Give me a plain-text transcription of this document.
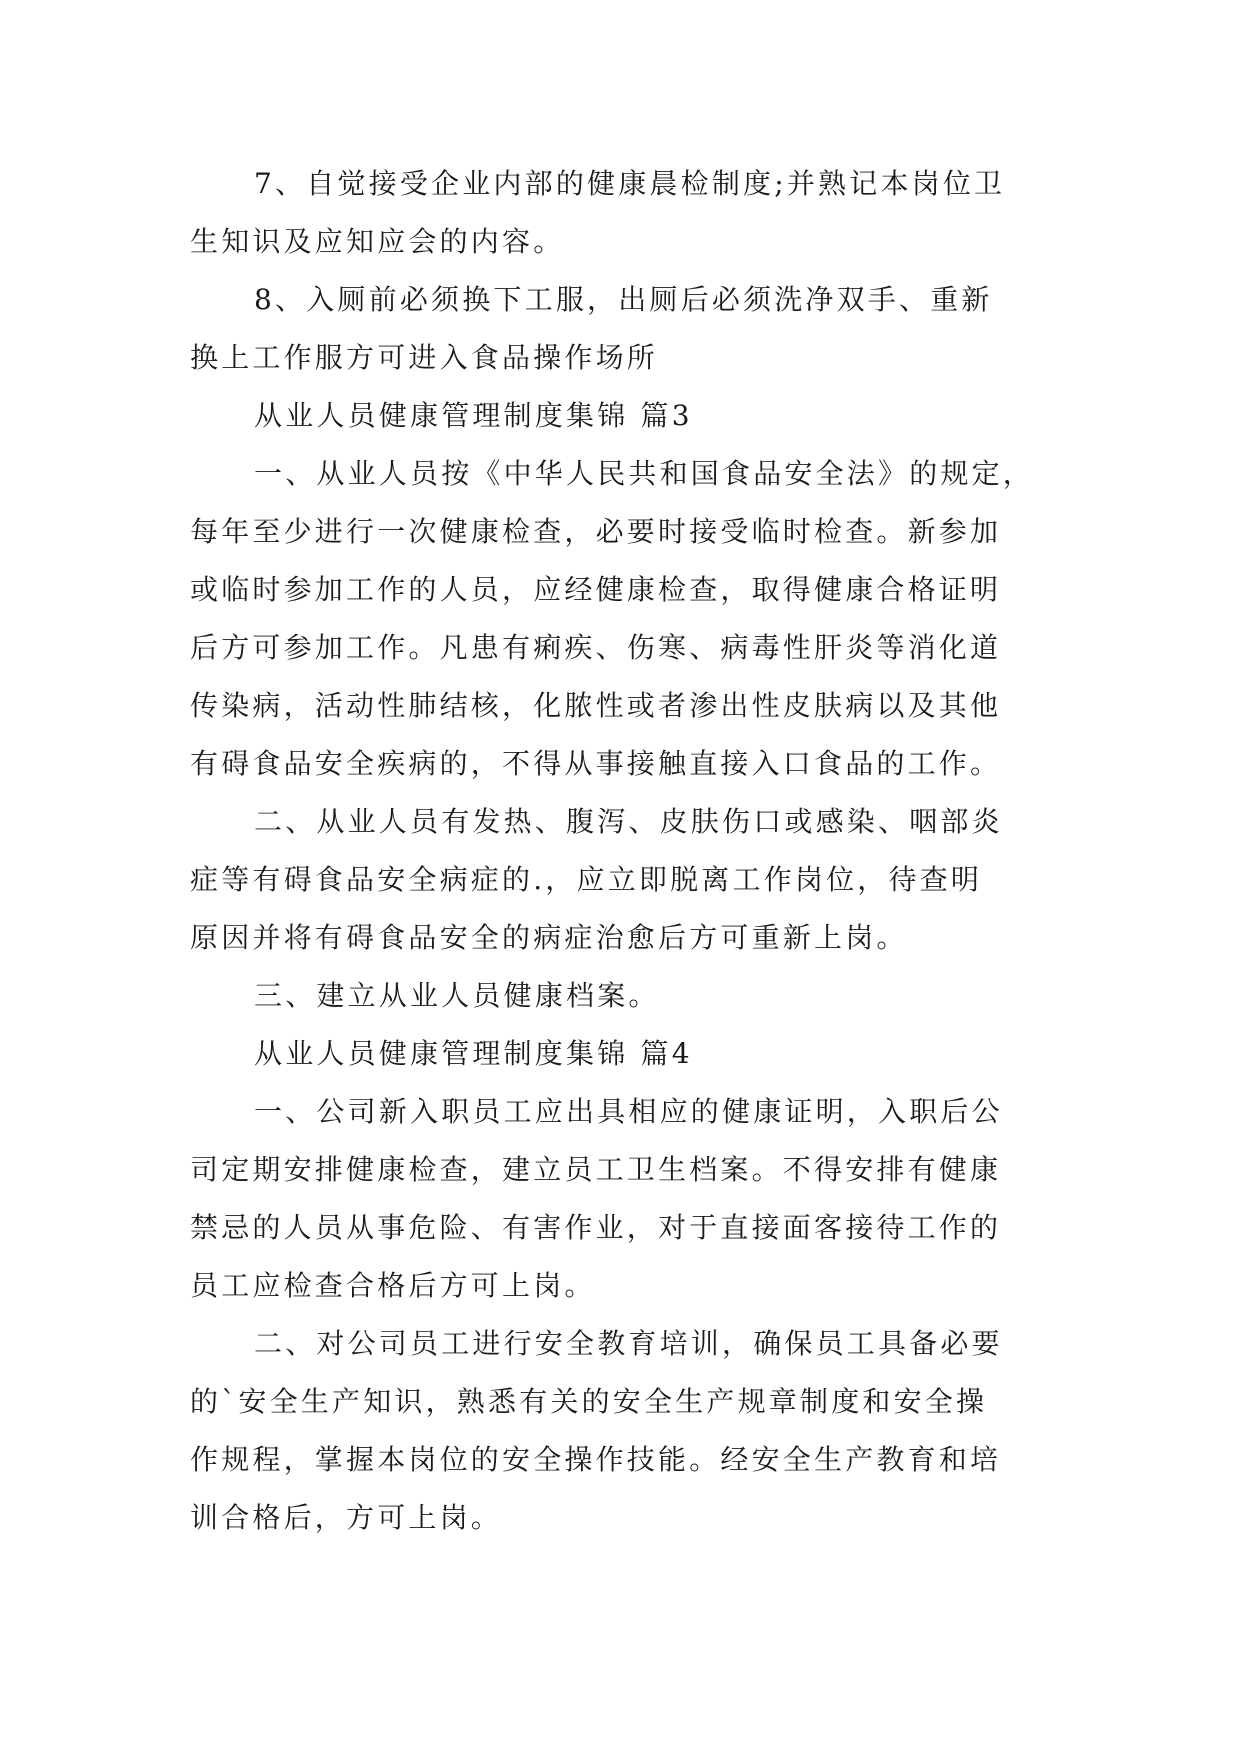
7、自觉接受企业内部的健康晨检制度;并熟记本岗位卫
生知识及应知应会的内容。
8、入厕前必须换下工服，出厕后必须洗净双手、重新
换上工作服方可进入食品操作场所
从业人员健康管理制度集锦 篇3
一、从业人员按《中华人民共和国食品安全法》的规定，
每年至少进行一次健康检查，必要时接受临时检查。新参加
或临时参加工作的人员，应经健康检查，取得健康合格证明
后方可参加工作。凡患有痢疾、伤寒、病毒性肝炎等消化道
传染病，活动性肺结核，化脓性或者渗出性皮肤病以及其他
有碍食品安全疾病的，不得从事接触直接入口食品的工作。
二、从业人员有发热、腹泻、皮肤伤口或感染、咽部炎
症等有碍食品安全病症的.，应立即脱离工作岗位，待查明
原因并将有碍食品安全的病症治愈后方可重新上岗。
三、建立从业人员健康档案。
从业人员健康管理制度集锦 篇4
一、公司新入职员工应出具相应的健康证明，入职后公
司定期安排健康检查，建立员工卫生档案。不得安排有健康
禁忌的人员从事危险、有害作业，对于直接面客接待工作的
员工应检查合格后方可上岗。
二、对公司员工进行安全教育培训，确保员工具备必要
的`安全生产知识，熟悉有关的安全生产规章制度和安全操
作规程，掌握本岗位的安全操作技能。经安全生产教育和培
训合格后，方可上岗。
